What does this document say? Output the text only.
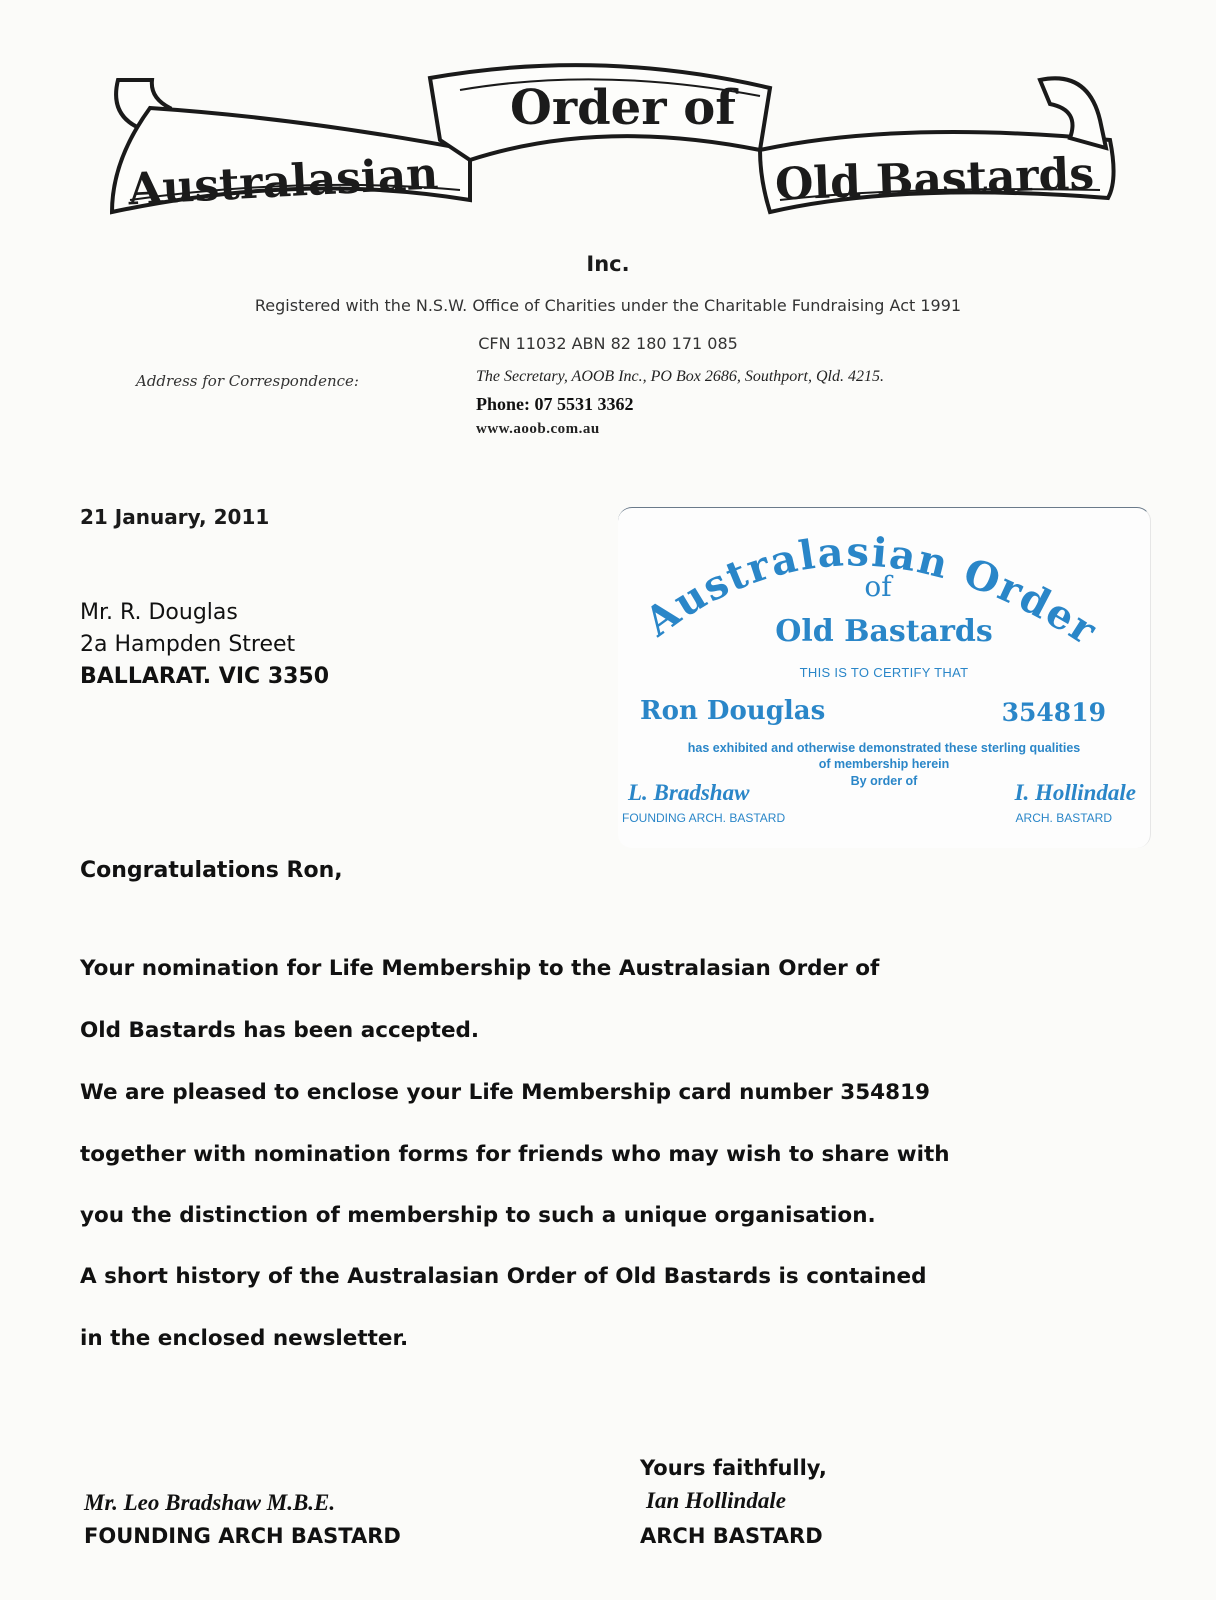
Australasian
Order of
Old Bastards
Inc.
Registered with the N.S.W. Office of Charities under the Charitable Fundraising Act 1991
CFN 11032 ABN 82 180 171 085
Address for Correspondence:	The Secretary, AOOB Inc., PO Box 2686, Southport, Qld. 4215.
Phone: 07 5531 3362
www.aoob.com.au
21 January, 2011
Mr. R. Douglas
2a Hampden Street
BALLARAT. VIC 3350
Australasian Order
of
Old Bastards
THIS IS TO CERTIFY THAT
Ron Douglas	354819
has exhibited and otherwise demonstrated these sterling qualities
of membership herein
By order of
L. Bradshaw
FOUNDING ARCH. BASTARD
I. Hollindale
ARCH. BASTARD
Congratulations Ron,
Your nomination for Life Membership to the Australasian Order of
Old Bastards has been accepted.
We are pleased to enclose your Life Membership card number 354819
together with nomination forms for friends who may wish to share with
you the distinction of membership to such a unique organisation.
A short history of the Australasian Order of Old Bastards is contained
in the enclosed newsletter.
Yours faithfully,
Mr. Leo Bradshaw M.B.E.	Ian Hollindale
FOUNDING ARCH BASTARD	ARCH BASTARD
